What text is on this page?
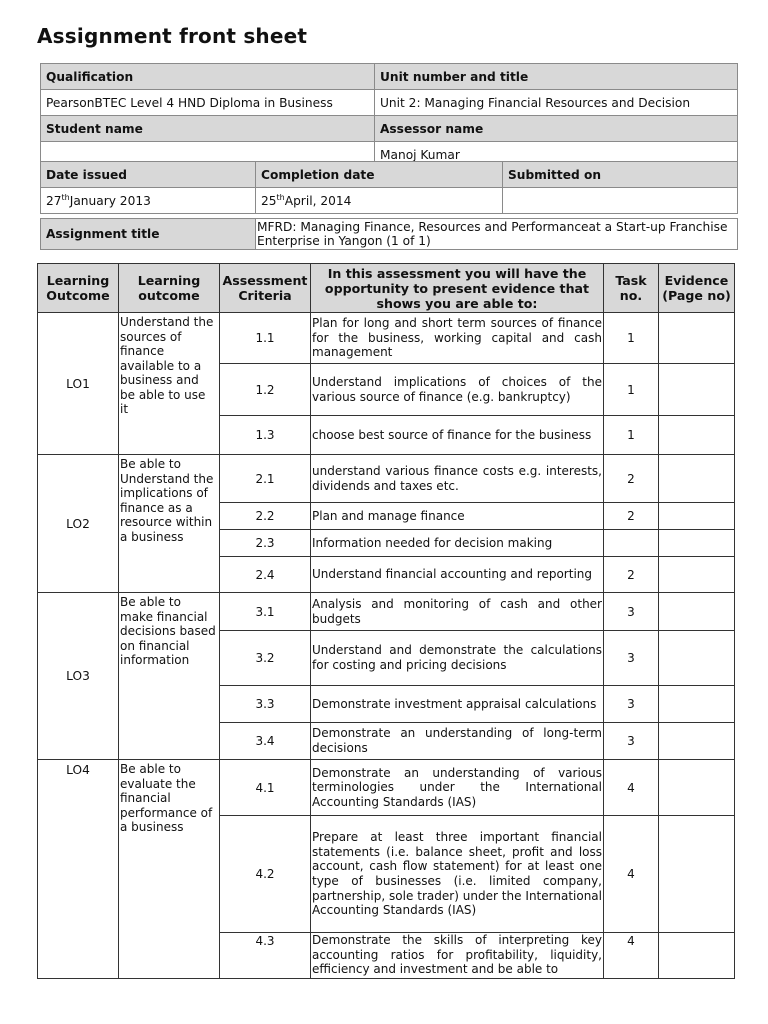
Assignment front sheet
Qualification	Unit number and title
PearsonBTEC Level 4 HND Diploma in Business	Unit 2: Managing Financial Resources and Decision
Student name	Assessor name
	Manoj Kumar
Date issued	Completion date	Submitted on
27thJanuary 2013	25thApril, 2014	
Assignment title	MFRD: Managing Finance, Resources and Performanceat a Start-up Franchise Enterprise in Yangon (1 of 1)
Learning Outcome	Learning outcome	Assessment Criteria	In this assessment you will have the opportunity to present evidence that shows you are able to:	Task no.	Evidence (Page no)
LO1	Understand the sources of finance available to a business and be able to use it	1.1	Plan for long and short term sources of finance for the business, working capital and cash management	1	
		1.2	Understand implications of choices of the various source of finance (e.g. bankruptcy)	1	
		1.3	choose best source of finance for the business	1	
LO2	Be able to Understand the implications of finance as a resource within a business	2.1	understand various finance costs e.g. interests, dividends and taxes etc.	2	
		2.2	Plan and manage finance	2	
		2.3	Information needed for decision making		
		2.4	Understand financial accounting and reporting	2	
LO3	Be able to make financial decisions based on financial information	3.1	Analysis and monitoring of cash and other budgets	3	
		3.2	Understand and demonstrate the calculations for costing and pricing decisions	3	
		3.3	Demonstrate investment appraisal calculations	3	
		3.4	Demonstrate an understanding of long-term decisions	3	
LO4	Be able to evaluate the financial performance of a business	4.1	Demonstrate an understanding of various terminologies under the International Accounting Standards (IAS)	4	
		4.2	Prepare at least three important financial statements (i.e. balance sheet, profit and loss account, cash flow statement) for at least one type of businesses (i.e. limited company, partnership, sole trader) under the International Accounting Standards (IAS)	4	
		4.3	Demonstrate the skills of interpreting key accounting ratios for profitability, liquidity, efficiency and investment and be able to	4	
